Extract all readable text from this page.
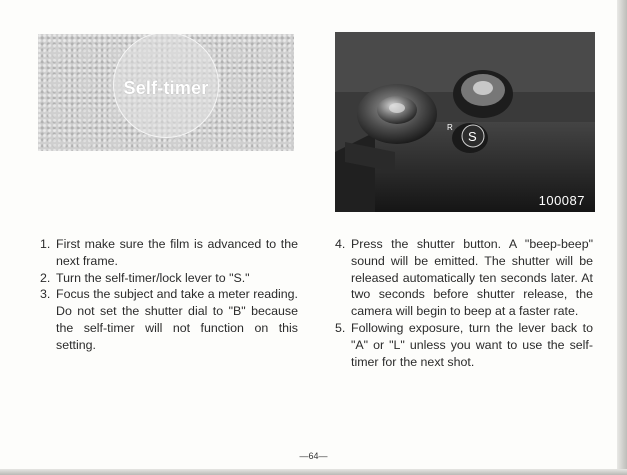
Self-timer
S
R
100087
1. First make sure the film is advanced to the next frame.
2. Turn the self-timer/lock lever to "S."
3. Focus the subject and take a meter reading. Do not set the shutter dial to "B" because the self-timer will not function on this setting.
4. Press the shutter button. A "beep-beep" sound will be emitted. The shutter will be released automatically ten seconds later. At two seconds before shutter release, the camera will begin to beep at a faster rate.
5. Following exposure, turn the lever back to "A" or "L" unless you want to use the self-timer for the next shot.
—64—
